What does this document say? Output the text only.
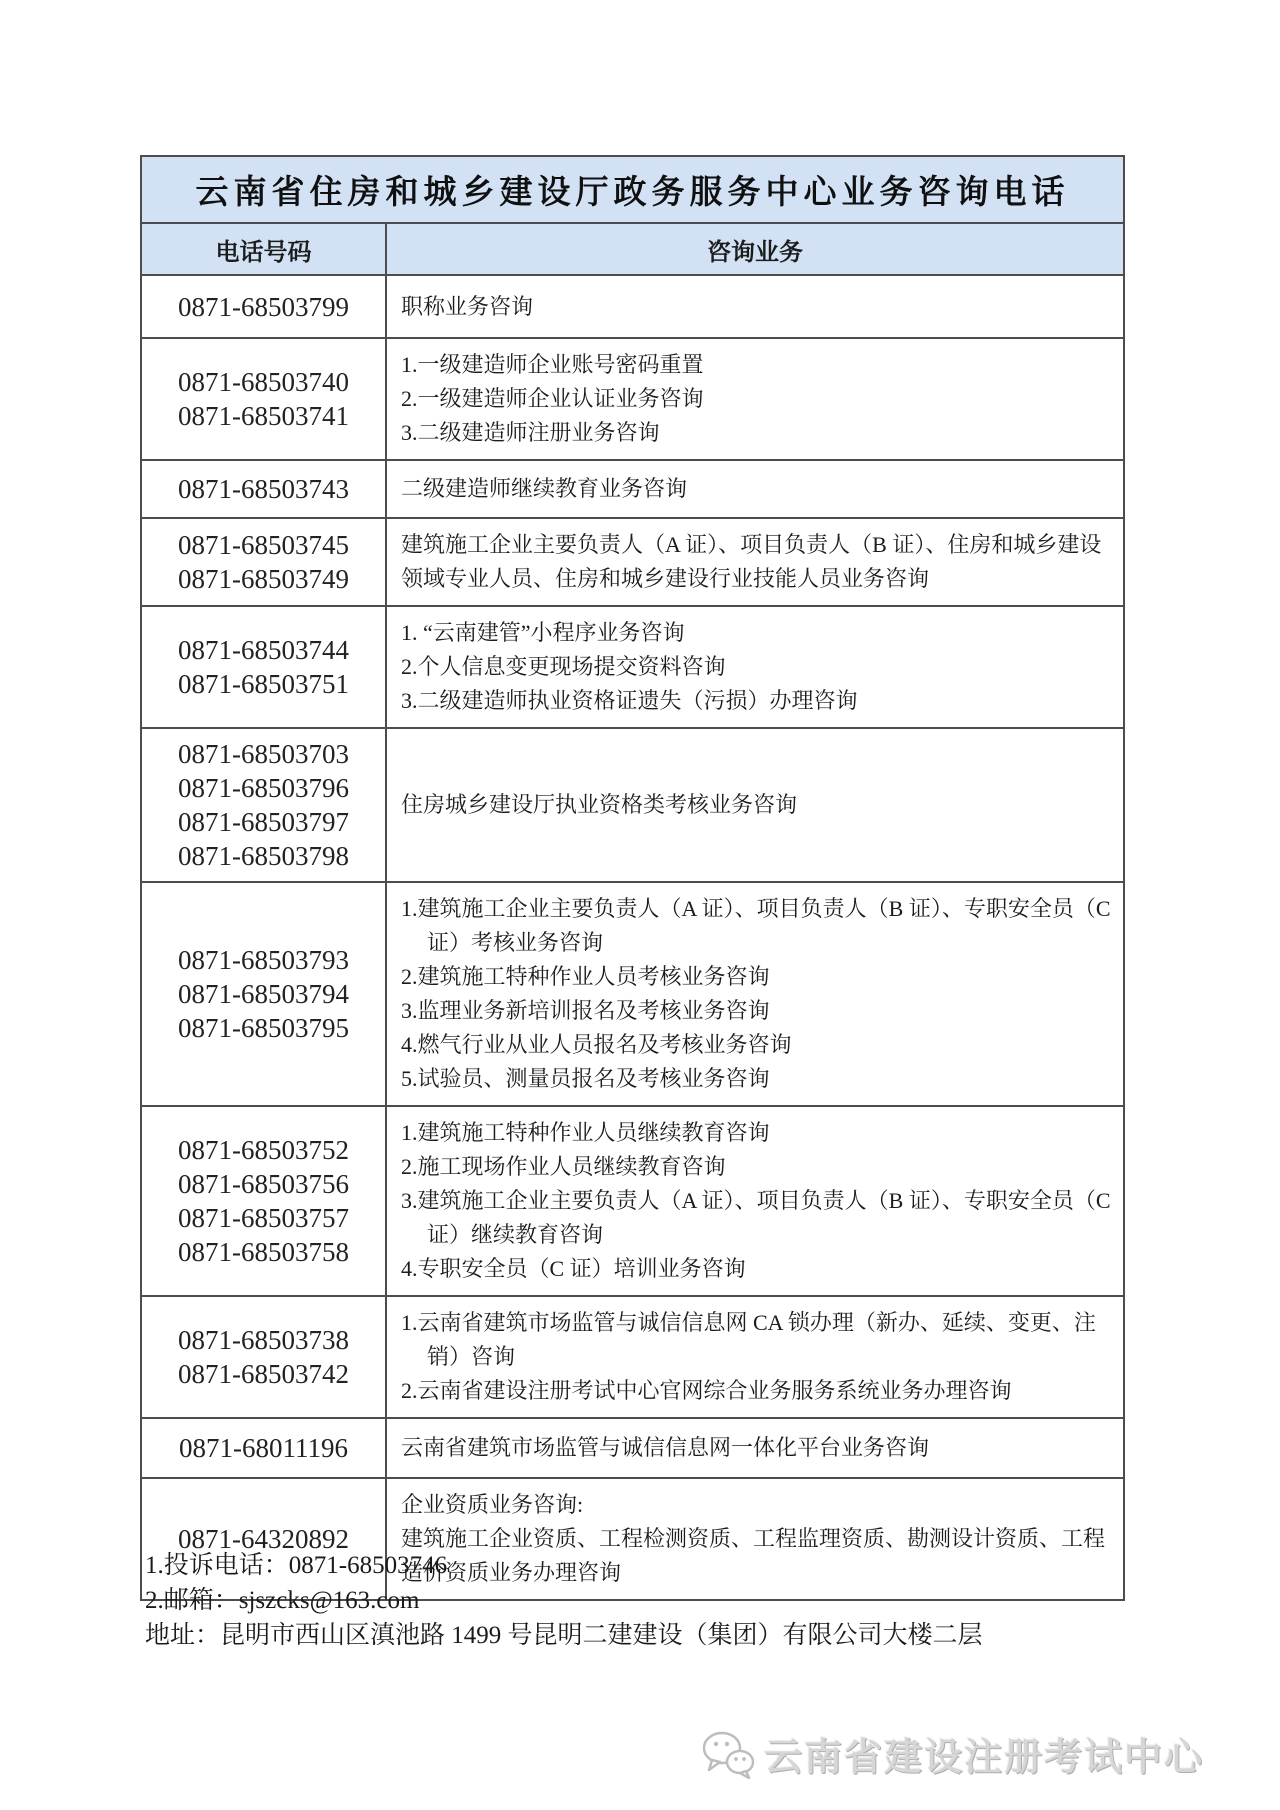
云南省住房和城乡建设厅政务服务中心业务咨询电话
电话号码	咨询业务
0871-68503799 职称业务咨询
0871-68503740
0871-68503741
1.一级建造师企业账号密码重置
2.一级建造师企业认证业务咨询
3.二级建造师注册业务咨询
0871-68503743 二级建造师继续教育业务咨询
0871-68503745
0871-68503749
建筑施工企业主要负责人（A 证）、项目负责人（B 证）、住房和城乡建设领域专业人员、住房和城乡建设行业技能人员业务咨询
0871-68503744
0871-68503751
1. “云南建管”小程序业务咨询
2.个人信息变更现场提交资料咨询
3.二级建造师执业资格证遗失（污损）办理咨询
0871-68503703
0871-68503796
0871-68503797
0871-68503798
住房城乡建设厅执业资格类考核业务咨询
0871-68503793
0871-68503794
0871-68503795
1.建筑施工企业主要负责人（A 证）、项目负责人（B 证）、专职安全员（C 证）考核业务咨询
2.建筑施工特种作业人员考核业务咨询
3.监理业务新培训报名及考核业务咨询
4.燃气行业从业人员报名及考核业务咨询
5.试验员、测量员报名及考核业务咨询
0871-68503752
0871-68503756
0871-68503757
0871-68503758
1.建筑施工特种作业人员继续教育咨询
2.施工现场作业人员继续教育咨询
3.建筑施工企业主要负责人（A 证）、项目负责人（B 证）、专职安全员（C 证）继续教育咨询
4.专职安全员（C 证）培训业务咨询
0871-68503738
0871-68503742
1.云南省建筑市场监管与诚信信息网 CA 锁办理（新办、延续、变更、注销）咨询
2.云南省建设注册考试中心官网综合业务服务系统业务办理咨询
0871-68011196 云南省建筑市场监管与诚信信息网一体化平台业务咨询
0871-64320892
企业资质业务咨询:
建筑施工企业资质、工程检测资质、工程监理资质、勘测设计资质、工程造价资质业务办理咨询
1.投诉电话：0871-68503746
2.邮箱：sjszcks@163.com
地址：昆明市西山区滇池路 1499 号昆明二建建设（集团）有限公司大楼二层
云南省建设注册考试中心
